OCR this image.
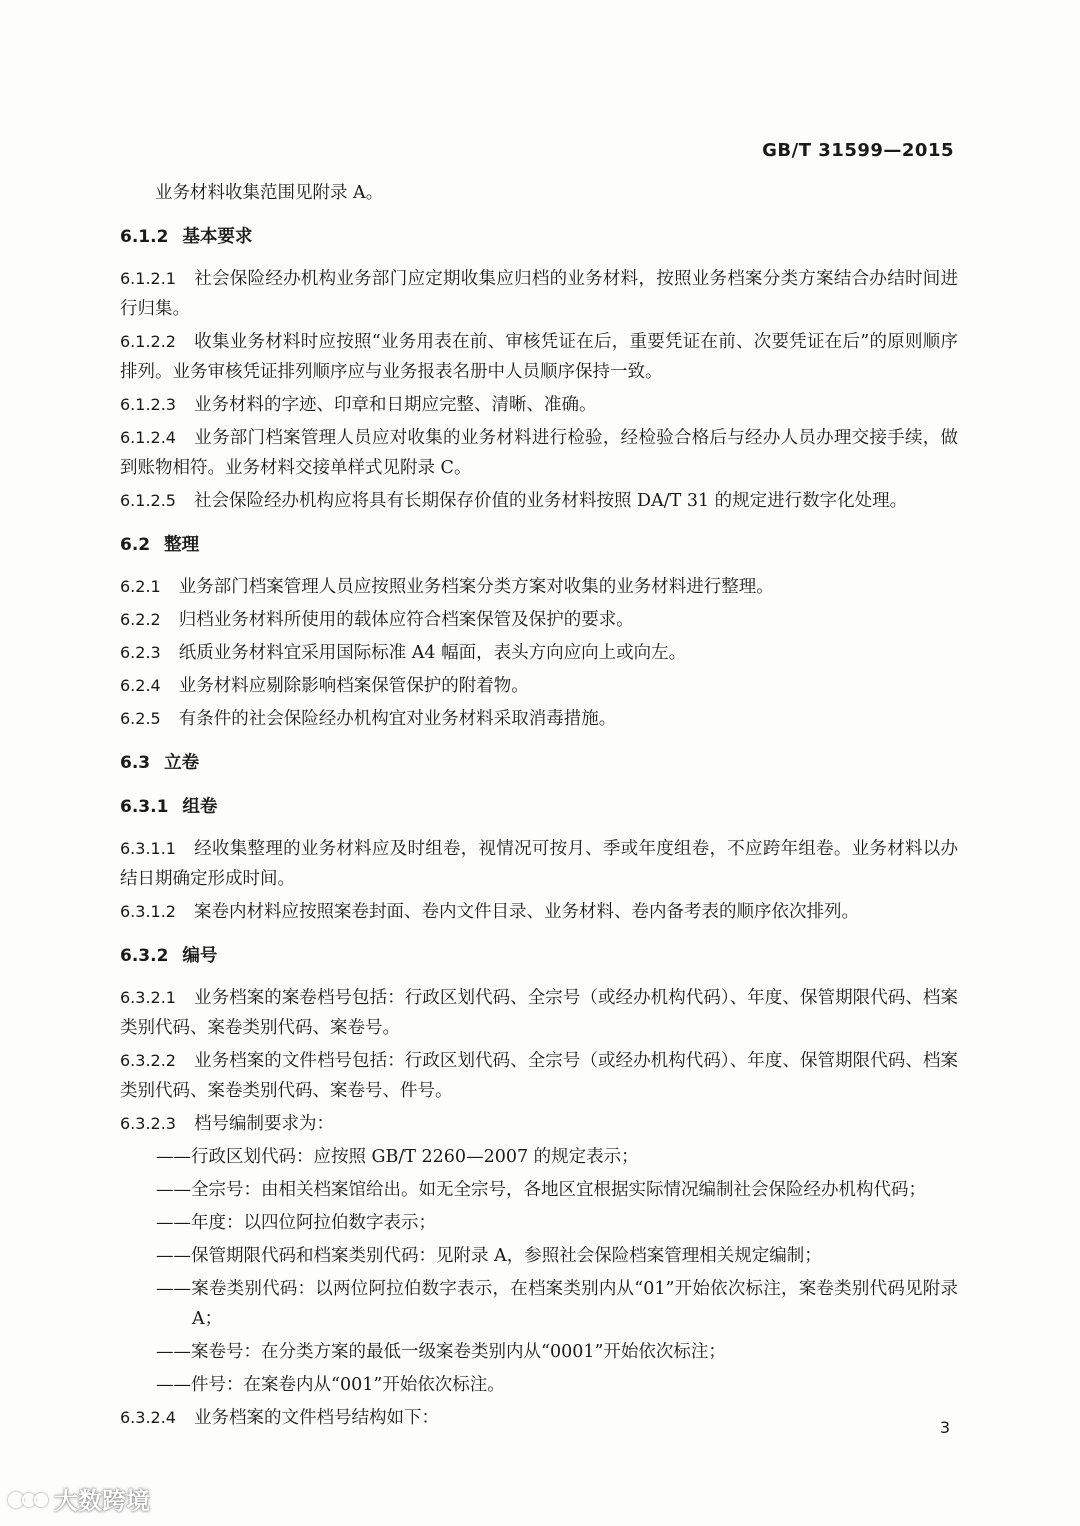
GB/T 31599—2015

业务材料收集范围见附录 A。

6.1.2 基本要求

6.1.2.1 社会保险经办机构业务部门应定期收集应归档的业务材料，按照业务档案分类方案结合办结时间进行归集。

6.1.2.2 收集业务材料时应按照“业务用表在前、审核凭证在后，重要凭证在前、次要凭证在后”的原则顺序排列。业务审核凭证排列顺序应与业务报表名册中人员顺序保持一致。

6.1.2.3 业务材料的字迹、印章和日期应完整、清晰、准确。

6.1.2.4 业务部门档案管理人员应对收集的业务材料进行检验，经检验合格后与经办人员办理交接手续，做到账物相符。业务材料交接单样式见附录 C。

6.1.2.5 社会保险经办机构应将具有长期保存价值的业务材料按照 DA/T 31 的规定进行数字化处理。

6.2 整理

6.2.1 业务部门档案管理人员应按照业务档案分类方案对收集的业务材料进行整理。

6.2.2 归档业务材料所使用的载体应符合档案保管及保护的要求。

6.2.3 纸质业务材料宜采用国际标准 A4 幅面，表头方向应向上或向左。

6.2.4 业务材料应剔除影响档案保管保护的附着物。

6.2.5 有条件的社会保险经办机构宜对业务材料采取消毒措施。

6.3 立卷
6.3.1 组卷

6.3.1.1 经收集整理的业务材料应及时组卷，视情况可按月、季或年度组卷，不应跨年组卷。业务材料以办结日期确定形成时间。

6.3.1.2 案卷内材料应按照案卷封面、卷内文件目录、业务材料、卷内备考表的顺序依次排列。

6.3.2 编号

6.3.2.1 业务档案的案卷档号包括：行政区划代码、全宗号（或经办机构代码）、年度、保管期限代码、档案类别代码、案卷类别代码、案卷号。

6.3.2.2 业务档案的文件档号包括：行政区划代码、全宗号（或经办机构代码）、年度、保管期限代码、档案类别代码、案卷类别代码、案卷号、件号。

6.3.2.3 档号编制要求为：

——行政区划代码：应按照 GB/T 2260—2007 的规定表示；

——全宗号：由相关档案馆给出。如无全宗号，各地区宜根据实际情况编制社会保险经办机构代码；

——年度：以四位阿拉伯数字表示；

——保管期限代码和档案类别代码：见附录 A，参照社会保险档案管理相关规定编制；

——案卷类别代码：以两位阿拉伯数字表示，在档案类别内从“01”开始依次标注，案卷类别代码见附录 A；

——案卷号：在分类方案的最低一级案卷类别内从“0001”开始依次标注；

——件号：在案卷内从“001”开始依次标注。

6.3.2.4 业务档案的文件档号结构如下：	3
大数跨境
